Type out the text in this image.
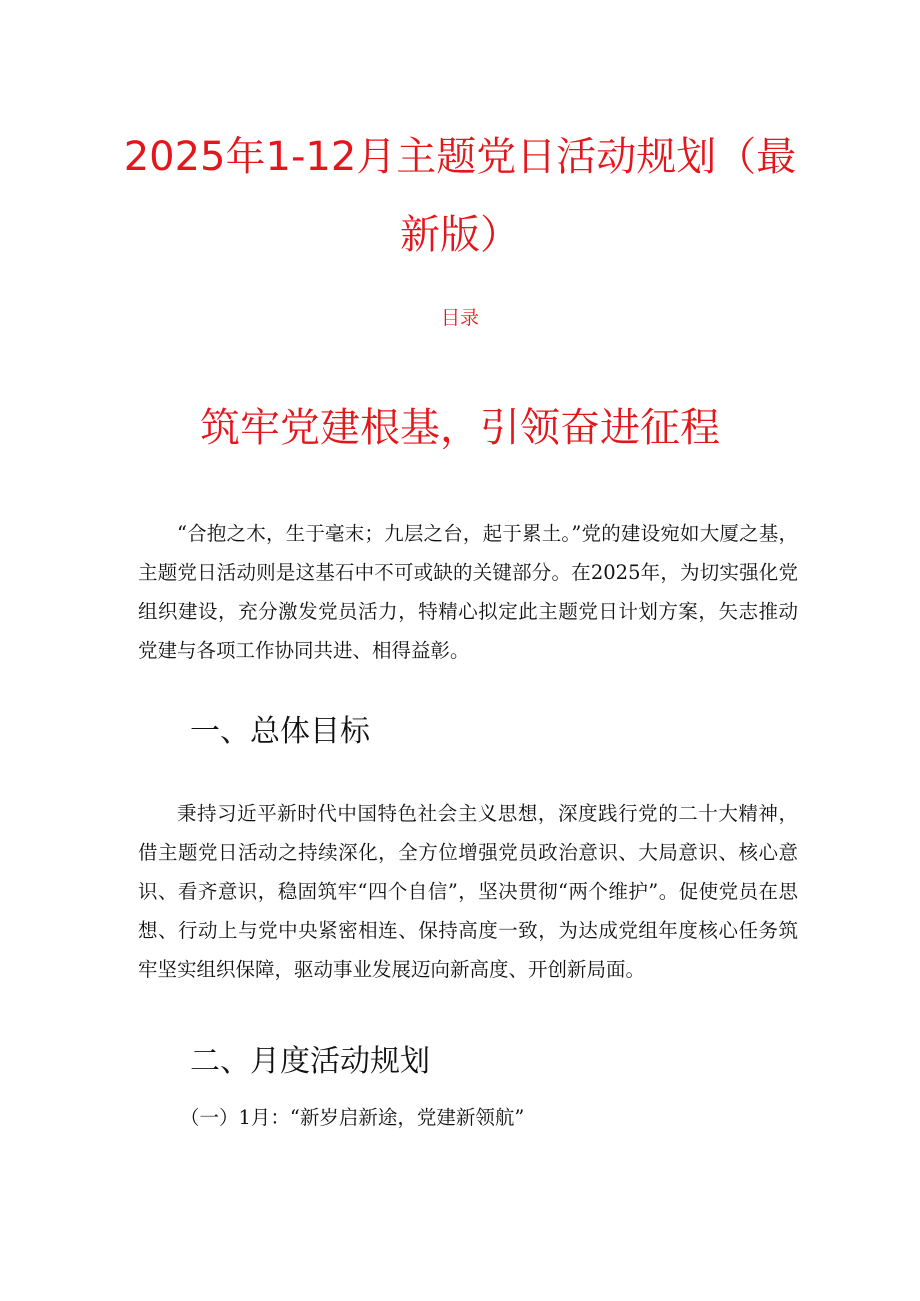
2025年1-12月主题党日活动规划（最新版）

目录

筑牢党建根基，引领奋进征程

“合抱之木，生于毫末；九层之台，起于累土。”党的建设宛如大厦之基，主题党日活动则是这基石中不可或缺的关键部分。在2025年，为切实强化党组织建设，充分激发党员活力，特精心拟定此主题党日计划方案，矢志推动党建与各项工作协同共进、相得益彰。

一、总体目标

秉持习近平新时代中国特色社会主义思想，深度践行党的二十大精神，借主题党日活动之持续深化，全方位增强党员政治意识、大局意识、核心意识、看齐意识，稳固筑牢“四个自信”，坚决贯彻“两个维护”。促使党员在思想、行动上与党中央紧密相连、保持高度一致，为达成党组年度核心任务筑牢坚实组织保障，驱动事业发展迈向新高度、开创新局面。

二、月度活动规划

（一）1月：“新岁启新途，党建新领航”
